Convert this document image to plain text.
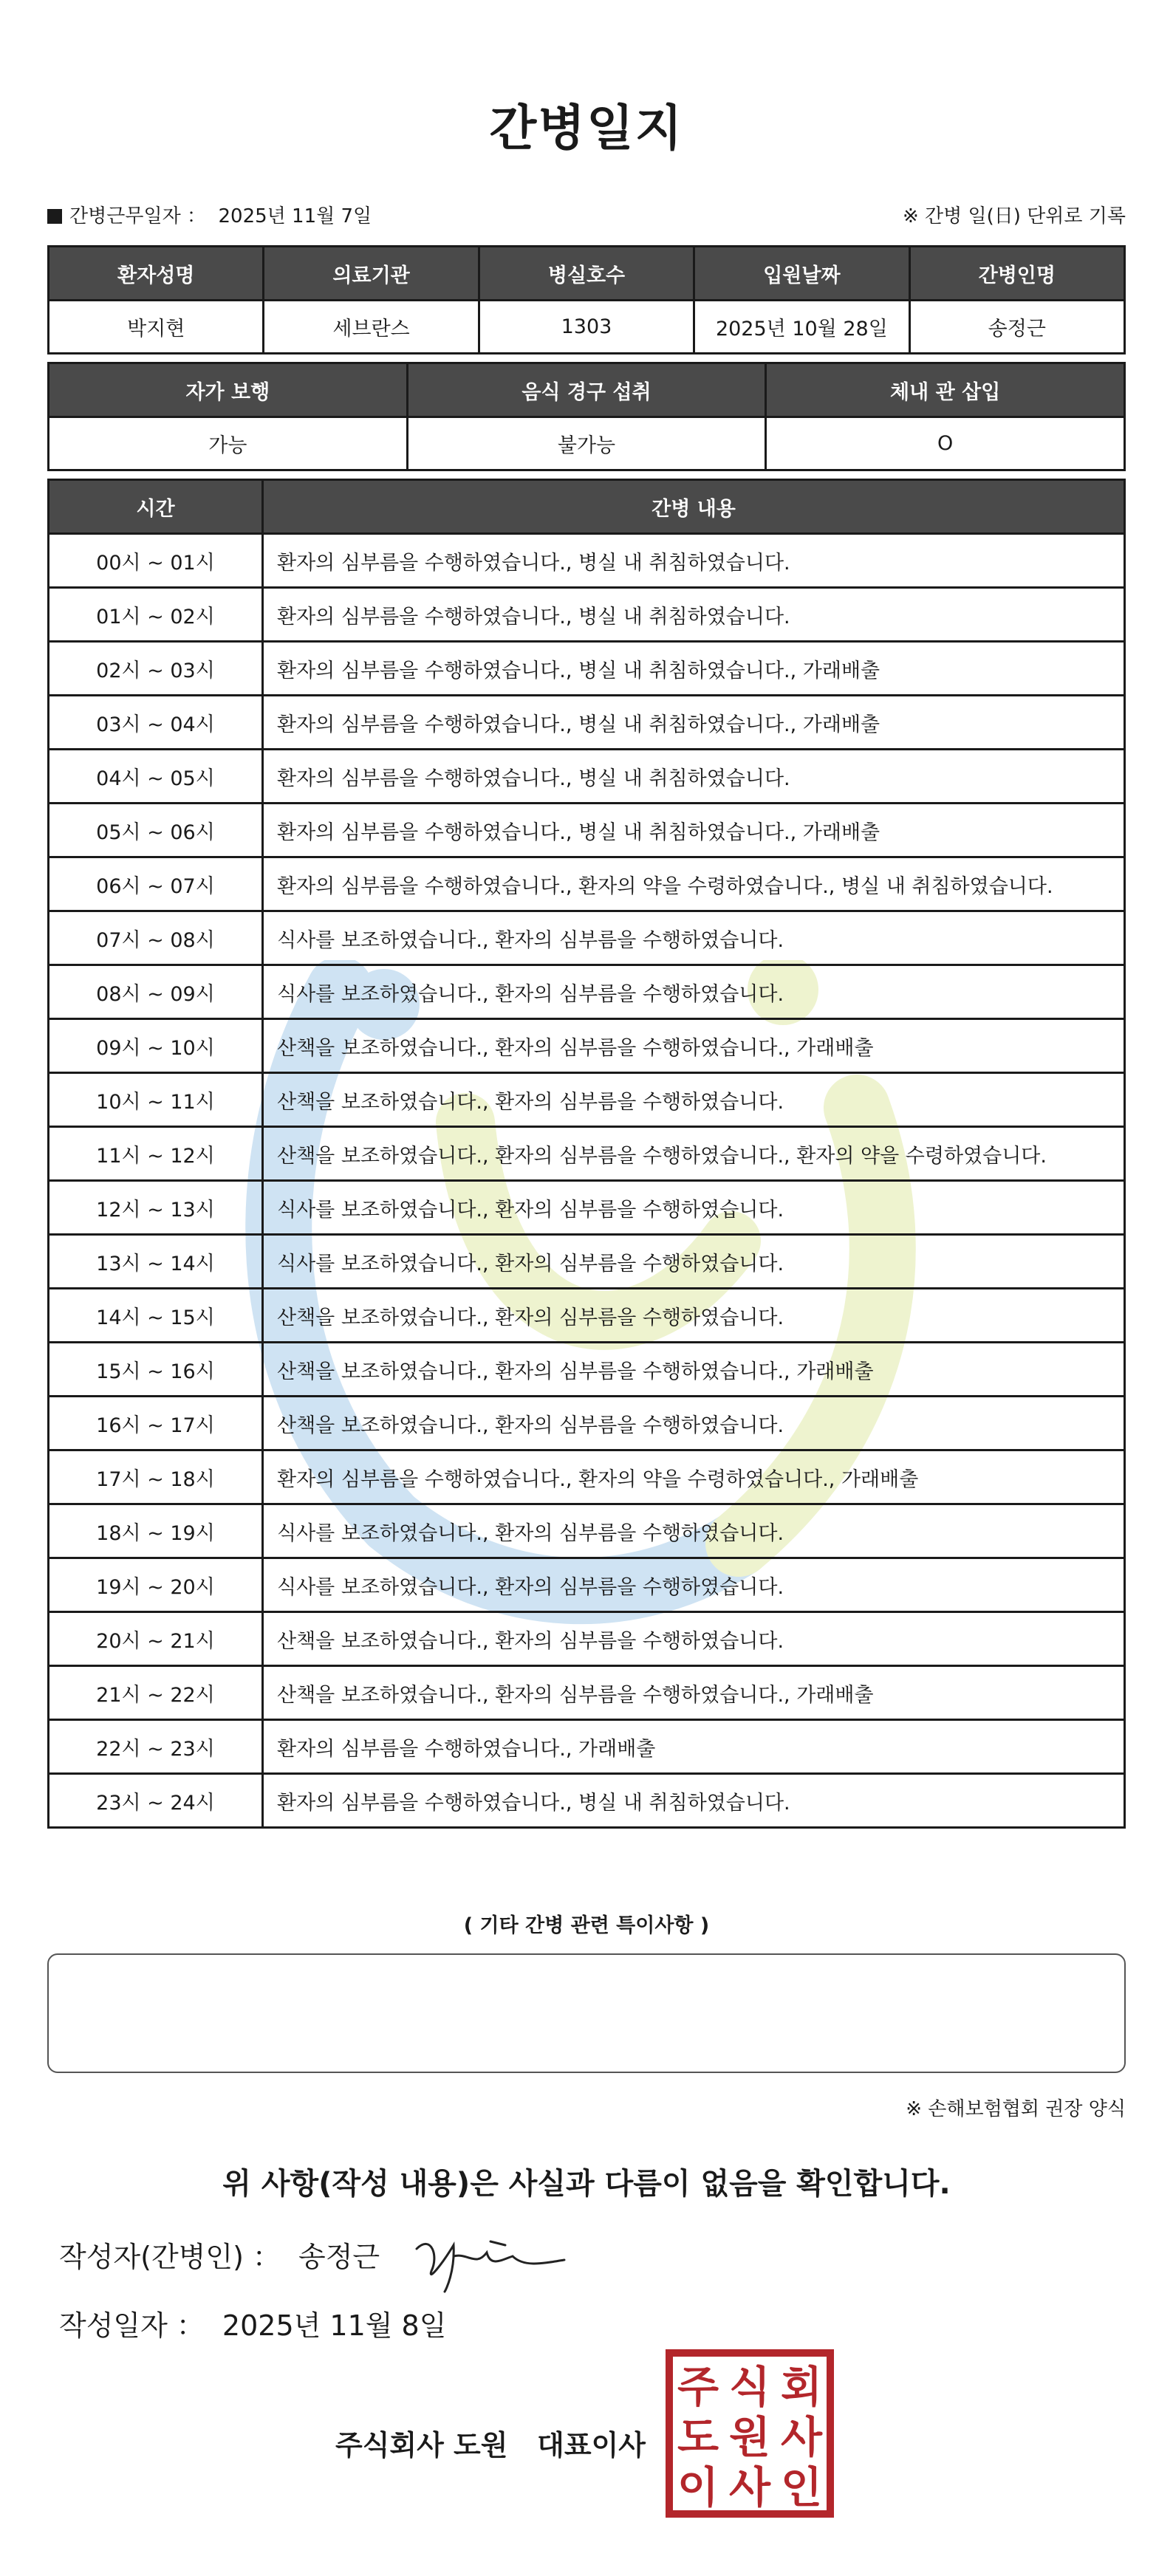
간병일지
간병근무일자 ： 2025년 11월 7일	※ 간병 일(日) 단위로 기록
환자성명	의료기관	병실호수	입원날짜	간병인명
박지현	세브란스	1303	2025년 10월 28일	송정근
자가 보행	음식 경구 섭취	체내 관 삽입
가능	불가능	O
시간	간병 내용
00시 ~ 01시	환자의 심부름을 수행하였습니다., 병실 내 취침하였습니다.
01시 ~ 02시	환자의 심부름을 수행하였습니다., 병실 내 취침하였습니다.
02시 ~ 03시	환자의 심부름을 수행하였습니다., 병실 내 취침하였습니다., 가래배출
03시 ~ 04시	환자의 심부름을 수행하였습니다., 병실 내 취침하였습니다., 가래배출
04시 ~ 05시	환자의 심부름을 수행하였습니다., 병실 내 취침하였습니다.
05시 ~ 06시	환자의 심부름을 수행하였습니다., 병실 내 취침하였습니다., 가래배출
06시 ~ 07시	환자의 심부름을 수행하였습니다., 환자의 약을 수령하였습니다., 병실 내 취침하였습니다.
07시 ~ 08시	식사를 보조하였습니다., 환자의 심부름을 수행하였습니다.
08시 ~ 09시	식사를 보조하였습니다., 환자의 심부름을 수행하였습니다.
09시 ~ 10시	산책을 보조하였습니다., 환자의 심부름을 수행하였습니다., 가래배출
10시 ~ 11시	산책을 보조하였습니다., 환자의 심부름을 수행하였습니다.
11시 ~ 12시	산책을 보조하였습니다., 환자의 심부름을 수행하였습니다., 환자의 약을 수령하였습니다.
12시 ~ 13시	식사를 보조하였습니다., 환자의 심부름을 수행하였습니다.
13시 ~ 14시	식사를 보조하였습니다., 환자의 심부름을 수행하였습니다.
14시 ~ 15시	산책을 보조하였습니다., 환자의 심부름을 수행하였습니다.
15시 ~ 16시	산책을 보조하였습니다., 환자의 심부름을 수행하였습니다., 가래배출
16시 ~ 17시	산책을 보조하였습니다., 환자의 심부름을 수행하였습니다.
17시 ~ 18시	환자의 심부름을 수행하였습니다., 환자의 약을 수령하였습니다., 가래배출
18시 ~ 19시	식사를 보조하였습니다., 환자의 심부름을 수행하였습니다.
19시 ~ 20시	식사를 보조하였습니다., 환자의 심부름을 수행하였습니다.
20시 ~ 21시	산책을 보조하였습니다., 환자의 심부름을 수행하였습니다.
21시 ~ 22시	산책을 보조하였습니다., 환자의 심부름을 수행하였습니다., 가래배출
22시 ~ 23시	환자의 심부름을 수행하였습니다., 가래배출
23시 ~ 24시	환자의 심부름을 수행하였습니다., 병실 내 취침하였습니다.
( 기타 간병 관련 특이사항 )
※ 손해보험협회 권장 양식
위 사항(작성 내용)은 사실과 다름이 없음을 확인합니다.
작성자(간병인) ： 송정근
작성일자 ： 2025년 11월 8일
주식회사 도원   대표이사
주 식 회
도 원 사
이 사 인
